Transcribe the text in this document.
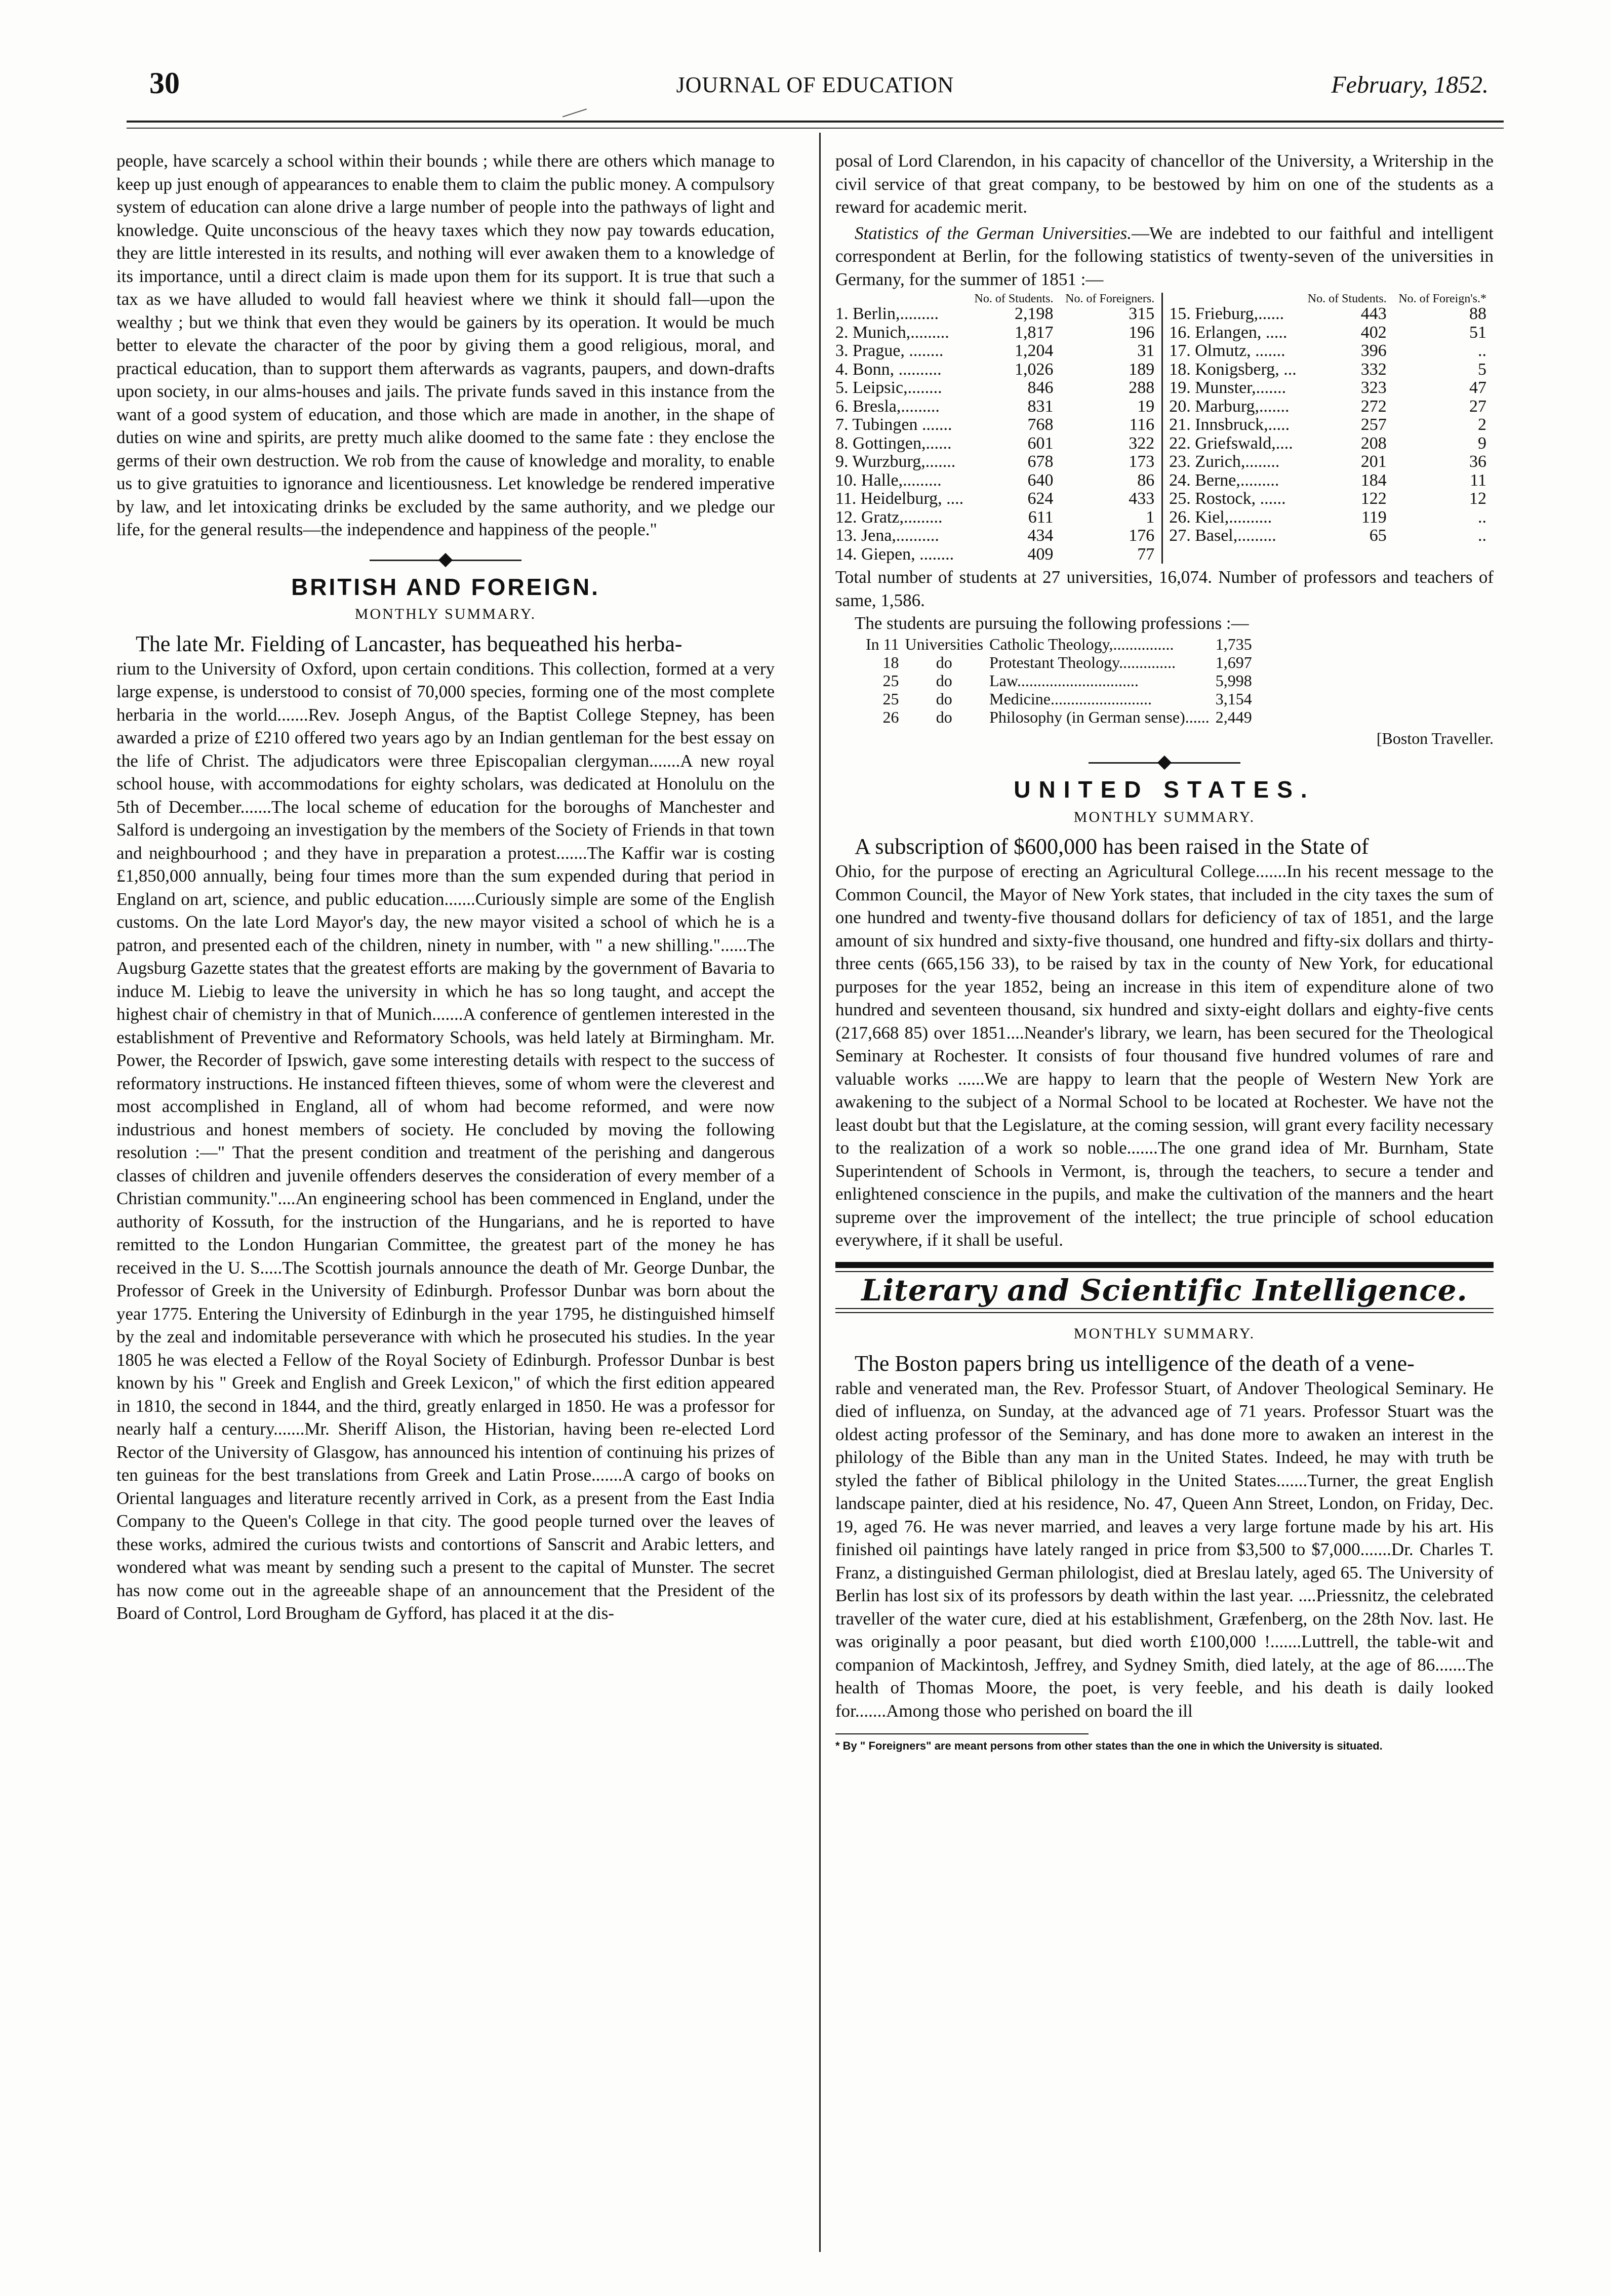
30	JOURNAL OF EDUCATION	February, 1852.

people, have scarcely a school within their bounds ; while there are others which manage to keep up just enough of appearances to enable them to claim the public money. A compulsory system of education can alone drive a large number of people into the pathways of light and knowledge. Quite unconscious of the heavy taxes which they now pay towards education, they are little interested in its results, and nothing will ever awaken them to a knowledge of its importance, until a direct claim is made upon them for its support. It is true that such a tax as we have alluded to would fall heaviest where we think it should fall—upon the wealthy ; but we think that even they would be gainers by its operation. It would be much better to elevate the character of the poor by giving them a good religious, moral, and practical education, than to support them afterwards as vagrants, paupers, and down-drafts upon society, in our alms-houses and jails. The private funds saved in this instance from the want of a good system of education, and those which are made in another, in the shape of duties on wine and spirits, are pretty much alike doomed to the same fate : they enclose the germs of their own destruction. We rob from the cause of knowledge and morality, to enable us to give gratuities to ignorance and licentiousness. Let knowledge be rendered imperative by law, and let intoxicating drinks be excluded by the same authority, and we pledge our life, for the general results—the independence and happiness of the people."

BRITISH AND FOREIGN.
MONTHLY SUMMARY.

The late Mr. Fielding of Lancaster, has bequeathed his herba-

rium to the University of Oxford, upon certain conditions. This collection, formed at a very large expense, is understood to consist of 70,000 species, forming one of the most complete herbaria in the world.......Rev. Joseph Angus, of the Baptist College Stepney, has been awarded a prize of £210 offered two years ago by an Indian gentleman for the best essay on the life of Christ. The adjudicators were three Episcopalian clergyman.......A new royal school house, with accommodations for eighty scholars, was dedicated at Honolulu on the 5th of December.......The local scheme of education for the boroughs of Manchester and Salford is undergoing an investigation by the members of the Society of Friends in that town and neighbourhood ; and they have in preparation a protest.......The Kaffir war is costing £1,850,000 annually, being four times more than the sum expended during that period in England on art, science, and public education.......Curiously simple are some of the English customs. On the late Lord Mayor's day, the new mayor visited a school of which he is a patron, and presented each of the children, ninety in number, with " a new shilling."......The Augsburg Gazette states that the greatest efforts are making by the government of Bavaria to induce M. Liebig to leave the university in which he has so long taught, and accept the highest chair of chemistry in that of Munich.......A conference of gentlemen interested in the establishment of Preventive and Reformatory Schools, was held lately at Birmingham. Mr. Power, the Recorder of Ipswich, gave some interesting details with respect to the success of reformatory instructions. He instanced fifteen thieves, some of whom were the cleverest and most accomplished in England, all of whom had become reformed, and were now industrious and honest members of society. He concluded by moving the following resolution :—" That the present condition and treatment of the perishing and dangerous classes of children and juvenile offenders deserves the consideration of every member of a Christian community."....An engineering school has been commenced in England, under the authority of Kossuth, for the instruction of the Hungarians, and he is reported to have remitted to the London Hungarian Committee, the greatest part of the money he has received in the U. S.....The Scottish journals announce the death of Mr. George Dunbar, the Professor of Greek in the University of Edinburgh. Professor Dunbar was born about the year 1775. Entering the University of Edinburgh in the year 1795, he distinguished himself by the zeal and indomitable perseverance with which he prosecuted his studies. In the year 1805 he was elected a Fellow of the Royal Society of Edinburgh. Professor Dunbar is best known by his " Greek and English and Greek Lexicon," of which the first edition appeared in 1810, the second in 1844, and the third, greatly enlarged in 1850. He was a professor for nearly half a century.......Mr. Sheriff Alison, the Historian, having been re-elected Lord Rector of the University of Glasgow, has announced his intention of continuing his prizes of ten guineas for the best translations from Greek and Latin Prose.......A cargo of books on Oriental languages and literature recently arrived in Cork, as a present from the East India Company to the Queen's College in that city. The good people turned over the leaves of these works, admired the curious twists and contortions of Sanscrit and Arabic letters, and wondered what was meant by sending such a present to the capital of Munster. The secret has now come out in the agreeable shape of an announcement that the President of the Board of Control, Lord Brougham de Gyfford, has placed it at the dis-

posal of Lord Clarendon, in his capacity of chancellor of the University, a Writership in the civil service of that great company, to be bestowed by him on one of the students as a reward for academic merit.

Statistics of the German Universities.—We are indebted to our faithful and intelligent correspondent at Berlin, for the following statistics of twenty-seven of the universities in Germany, for the summer of 1851 :—

	No. of Students.	No. of Foreigners.		No. of Students.	No. of Foreign's.*
1. Berlin,.........	2,198	315	15. Frieburg,......	443	88
2. Munich,.........	1,817	196	16. Erlangen, .....	402	51
3. Prague, ........	1,204	31	17. Olmutz, .......	396	..
4. Bonn, ..........	1,026	189	18. Konigsberg, ...	332	5
5. Leipsic,........	846	288	19. Munster,.......	323	47
6. Bresla,.........	831	19	20. Marburg,.......	272	27
7. Tubingen .......	768	116	21. Innsbruck,.....	257	2
8. Gottingen,......	601	322	22. Griefswald,....	208	9
9. Wurzburg,.......	678	173	23. Zurich,........	201	36
10. Halle,.........	640	86	24. Berne,.........	184	11
11. Heidelburg, ....	624	433	25. Rostock, ......	122	12
12. Gratz,.........	611	1	26. Kiel,..........	119	..
13. Jena,..........	434	176	27. Basel,.........	65	..
14. Giepen, ........	409	77			

Total number of students at 27 universities, 16,074. Number of professors and teachers of same, 1,586.

The students are pursuing the following professions :—

In 11	Universities	Catholic Theology,...............	1,735
18	do	Protestant Theology..............	1,697
25	do	Law..............................	5,998
25	do	Medicine.........................	3,154
26	do	Philosophy (in German sense)......	2,449
[Boston Traveller.
UNITED STATES.
MONTHLY SUMMARY.

A subscription of $600,000 has been raised in the State of

Ohio, for the purpose of erecting an Agricultural College.......In his recent message to the Common Council, the Mayor of New York states, that included in the city taxes the sum of one hundred and twenty-five thousand dollars for deficiency of tax of 1851, and the large amount of six hundred and sixty-five thousand, one hundred and fifty-six dollars and thirty-three cents (665,156 33), to be raised by tax in the county of New York, for educational purposes for the year 1852, being an increase in this item of expenditure alone of two hundred and seventeen thousand, six hundred and sixty-eight dollars and eighty-five cents (217,668 85) over 1851....Neander's library, we learn, has been secured for the Theological Seminary at Rochester. It consists of four thousand five hundred volumes of rare and valuable works ......We are happy to learn that the people of Western New York are awakening to the subject of a Normal School to be located at Rochester. We have not the least doubt but that the Legislature, at the coming session, will grant every facility necessary to the realization of a work so noble.......The one grand idea of Mr. Burnham, State Superintendent of Schools in Vermont, is, through the teachers, to secure a tender and enlightened conscience in the pupils, and make the cultivation of the manners and the heart supreme over the improvement of the intellect; the true principle of school education everywhere, if it shall be useful.

Literary and Scientific Intelligence.
MONTHLY SUMMARY.

The Boston papers bring us intelligence of the death of a vene-

rable and venerated man, the Rev. Professor Stuart, of Andover Theological Seminary. He died of influenza, on Sunday, at the advanced age of 71 years. Professor Stuart was the oldest acting professor of the Seminary, and has done more to awaken an interest in the philology of the Bible than any man in the United States. Indeed, he may with truth be styled the father of Biblical philology in the United States.......Turner, the great English landscape painter, died at his residence, No. 47, Queen Ann Street, London, on Friday, Dec. 19, aged 76. He was never married, and leaves a very large fortune made by his art. His finished oil paintings have lately ranged in price from $3,500 to $7,000.......Dr. Charles T. Franz, a distinguished German philologist, died at Breslau lately, aged 65. The University of Berlin has lost six of its professors by death within the last year. ....Priessnitz, the celebrated traveller of the water cure, died at his establishment, Græfenberg, on the 28th Nov. last. He was originally a poor peasant, but died worth £100,000 !.......Luttrell, the table-wit and companion of Mackintosh, Jeffrey, and Sydney Smith, died lately, at the age of 86.......The health of Thomas Moore, the poet, is very feeble, and his death is daily looked for.......Among those who perished on board the ill

* By " Foreigners" are meant persons from other states than the one in which the University is situated.
